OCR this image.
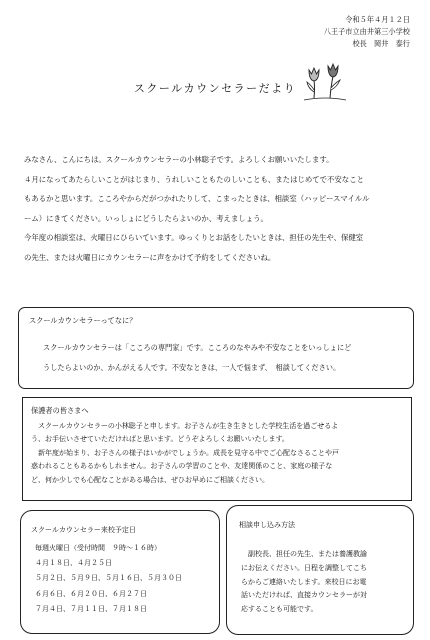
令和５年４月１２日
八王子市立由井第三小学校
校長　岡井　泰行
スクールカウンセラーだより

みなさん、こんにちは。スクールカウンセラーの小林聡子です。よろしくお願いいたします。

４月になってあたらしいことがはじまり、うれしいこともたのしいことも、またはじめてで不安なこと

もあるかと思います。こころやからだがつかれたりして、こまったときは、相談室（ハッピースマイルル

ーム）にきてください。いっしょにどうしたらよいのか、考えましょう。

今年度の相談室は、火曜日にひらいています。ゆっくりとお話をしたいときは、担任の先生や、保健室

の先生、または火曜日にカウンセラーに声をかけて予約をしてくださいね。

スクールカウンセラーってなに？

スクールカウンセラーは「こころの専門家」です。こころのなやみや不安なことをいっしょにど

うしたらよいのか、かんがえる人です。不安なときは、一人で悩まず、　相談してください。

保護者の皆さまへ

　スクールカウンセラーの小林聡子と申します。お子さんが生き生きとした学校生活を過ごせるよ

う、お手伝いさせていただければと思います。どうぞよろしくお願いいたします。

　新年度が始まり、お子さんの様子はいかがでしょうか。成長を見守る中でご心配なさることや戸

惑われることもあるかもしれません。お子さんの学習のことや、友達関係のこと、家庭の様子な

ど、何か少しでも心配なことがある場合は、ぜひお早めにご相談ください。

スクールカウンセラー来校予定日

毎週火曜日（受付時間　９時～１６時）

４月１８日、４月２５日

５月２日、５月９日、５月１６日、５月３０日

６月６日、６月２０日、６月２７日

７月４日、７月１１日、７月１８日

相談申し込み方法

　副校長、担任の先生、または養護教諭

にお伝えください。日程を調整してこち

らからご連絡いたします。来校日にお電

話いただければ、直接カウンセラーが対

応することも可能です。
